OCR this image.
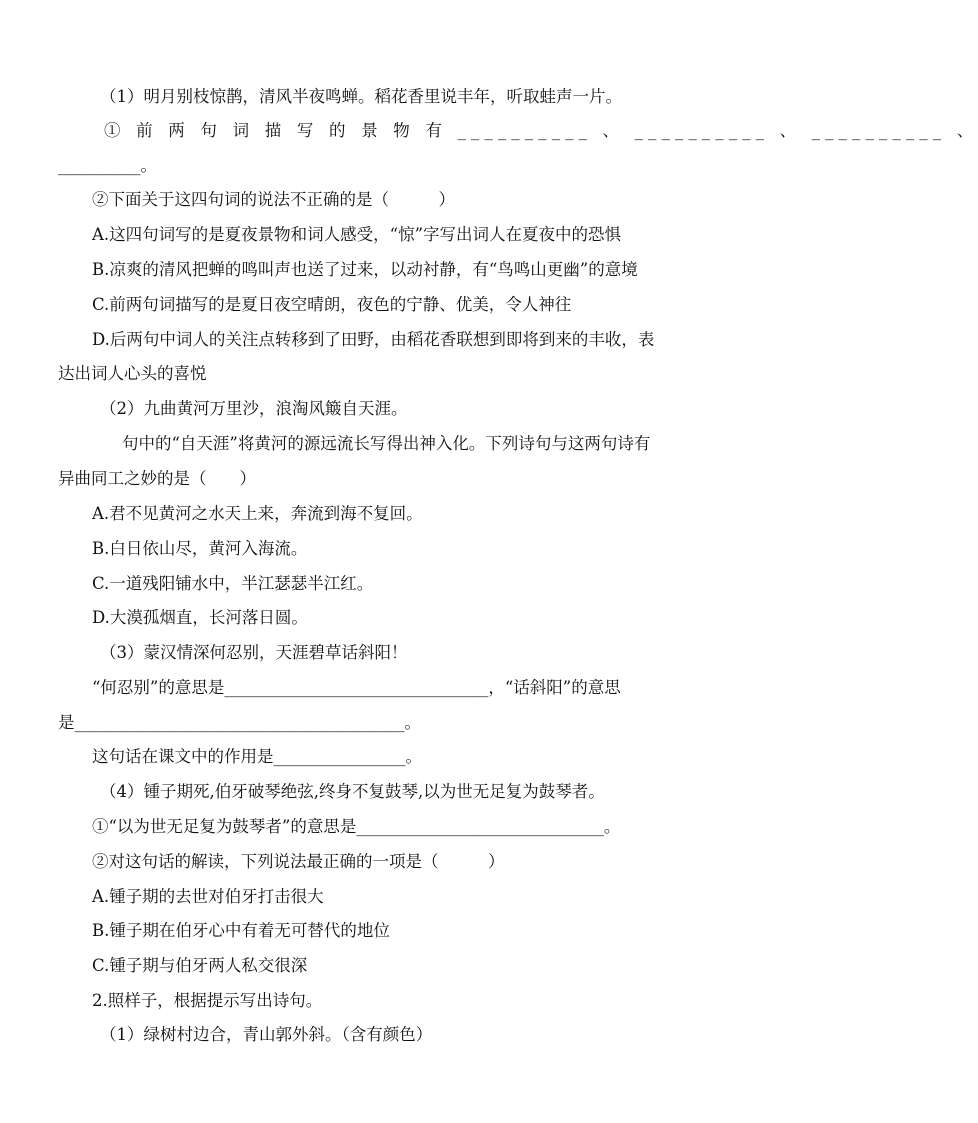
（1）明月别枝惊鹊，清风半夜鸣蝉。稻花香里说丰年，听取蛙声一片。
① 前 两 句 词 描 写 的 景 物 有 __________ 、 __________ 、 __________ 、
__________。
②下面关于这四句词的说法不正确的是（　　　）
A.这四句词写的是夏夜景物和词人感受，“惊”字写出词人在夏夜中的恐惧
B.凉爽的清风把蝉的鸣叫声也送了过来，以动衬静，有“鸟鸣山更幽”的意境
C.前两句词描写的是夏日夜空晴朗，夜色的宁静、优美，令人神往
D.后两句中词人的关注点转移到了田野，由稻花香联想到即将到来的丰收，表
达出词人心头的喜悦
（2）九曲黄河万里沙，浪淘风簸自天涯。
句中的“自天涯”将黄河的源远流长写得出神入化。下列诗句与这两句诗有
异曲同工之妙的是（　　）
A.君不见黄河之水天上来，奔流到海不复回。
B.白日依山尽，黄河入海流。
C.一道残阳铺水中，半江瑟瑟半江红。
D.大漠孤烟直，长河落日圆。
（3）蒙汉情深何忍别，天涯碧草话斜阳！
“何忍别”的意思是________________________________，“话斜阳”的意思
是________________________________________。
这句话在课文中的作用是________________。
（4）锺子期死,伯牙破琴绝弦,终身不复鼓琴,以为世无足复为鼓琴者。
①“以为世无足复为鼓琴者”的意思是______________________________。
②对这句话的解读，下列说法最正确的一项是（　　　）
A.锺子期的去世对伯牙打击很大
B.锺子期在伯牙心中有着无可替代的地位
C.锺子期与伯牙两人私交很深
2.照样子，根据提示写出诗句。
（1）绿树村边合，青山郭外斜。（含有颜色）
